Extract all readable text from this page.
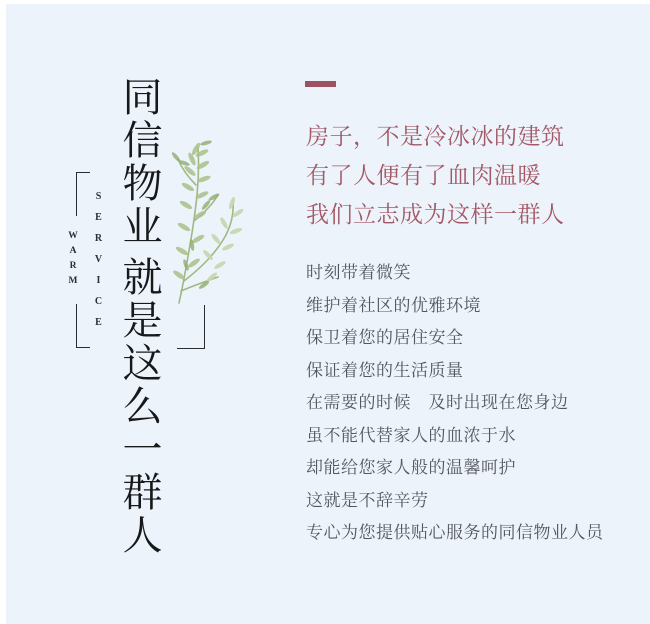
WARM SERVICE
同信物业就是这么一群人
房子，不是冷冰冰的建筑
有了人便有了血肉温暖
我们立志成为这样一群人
时刻带着微笑
维护着社区的优雅环境
保卫着您的居住安全
保证着您的生活质量
在需要的时候　及时出现在您身边
虽不能代替家人的血浓于水
却能给您家人般的温馨呵护
这就是不辞辛劳
专心为您提供贴心服务的同信物业人员
